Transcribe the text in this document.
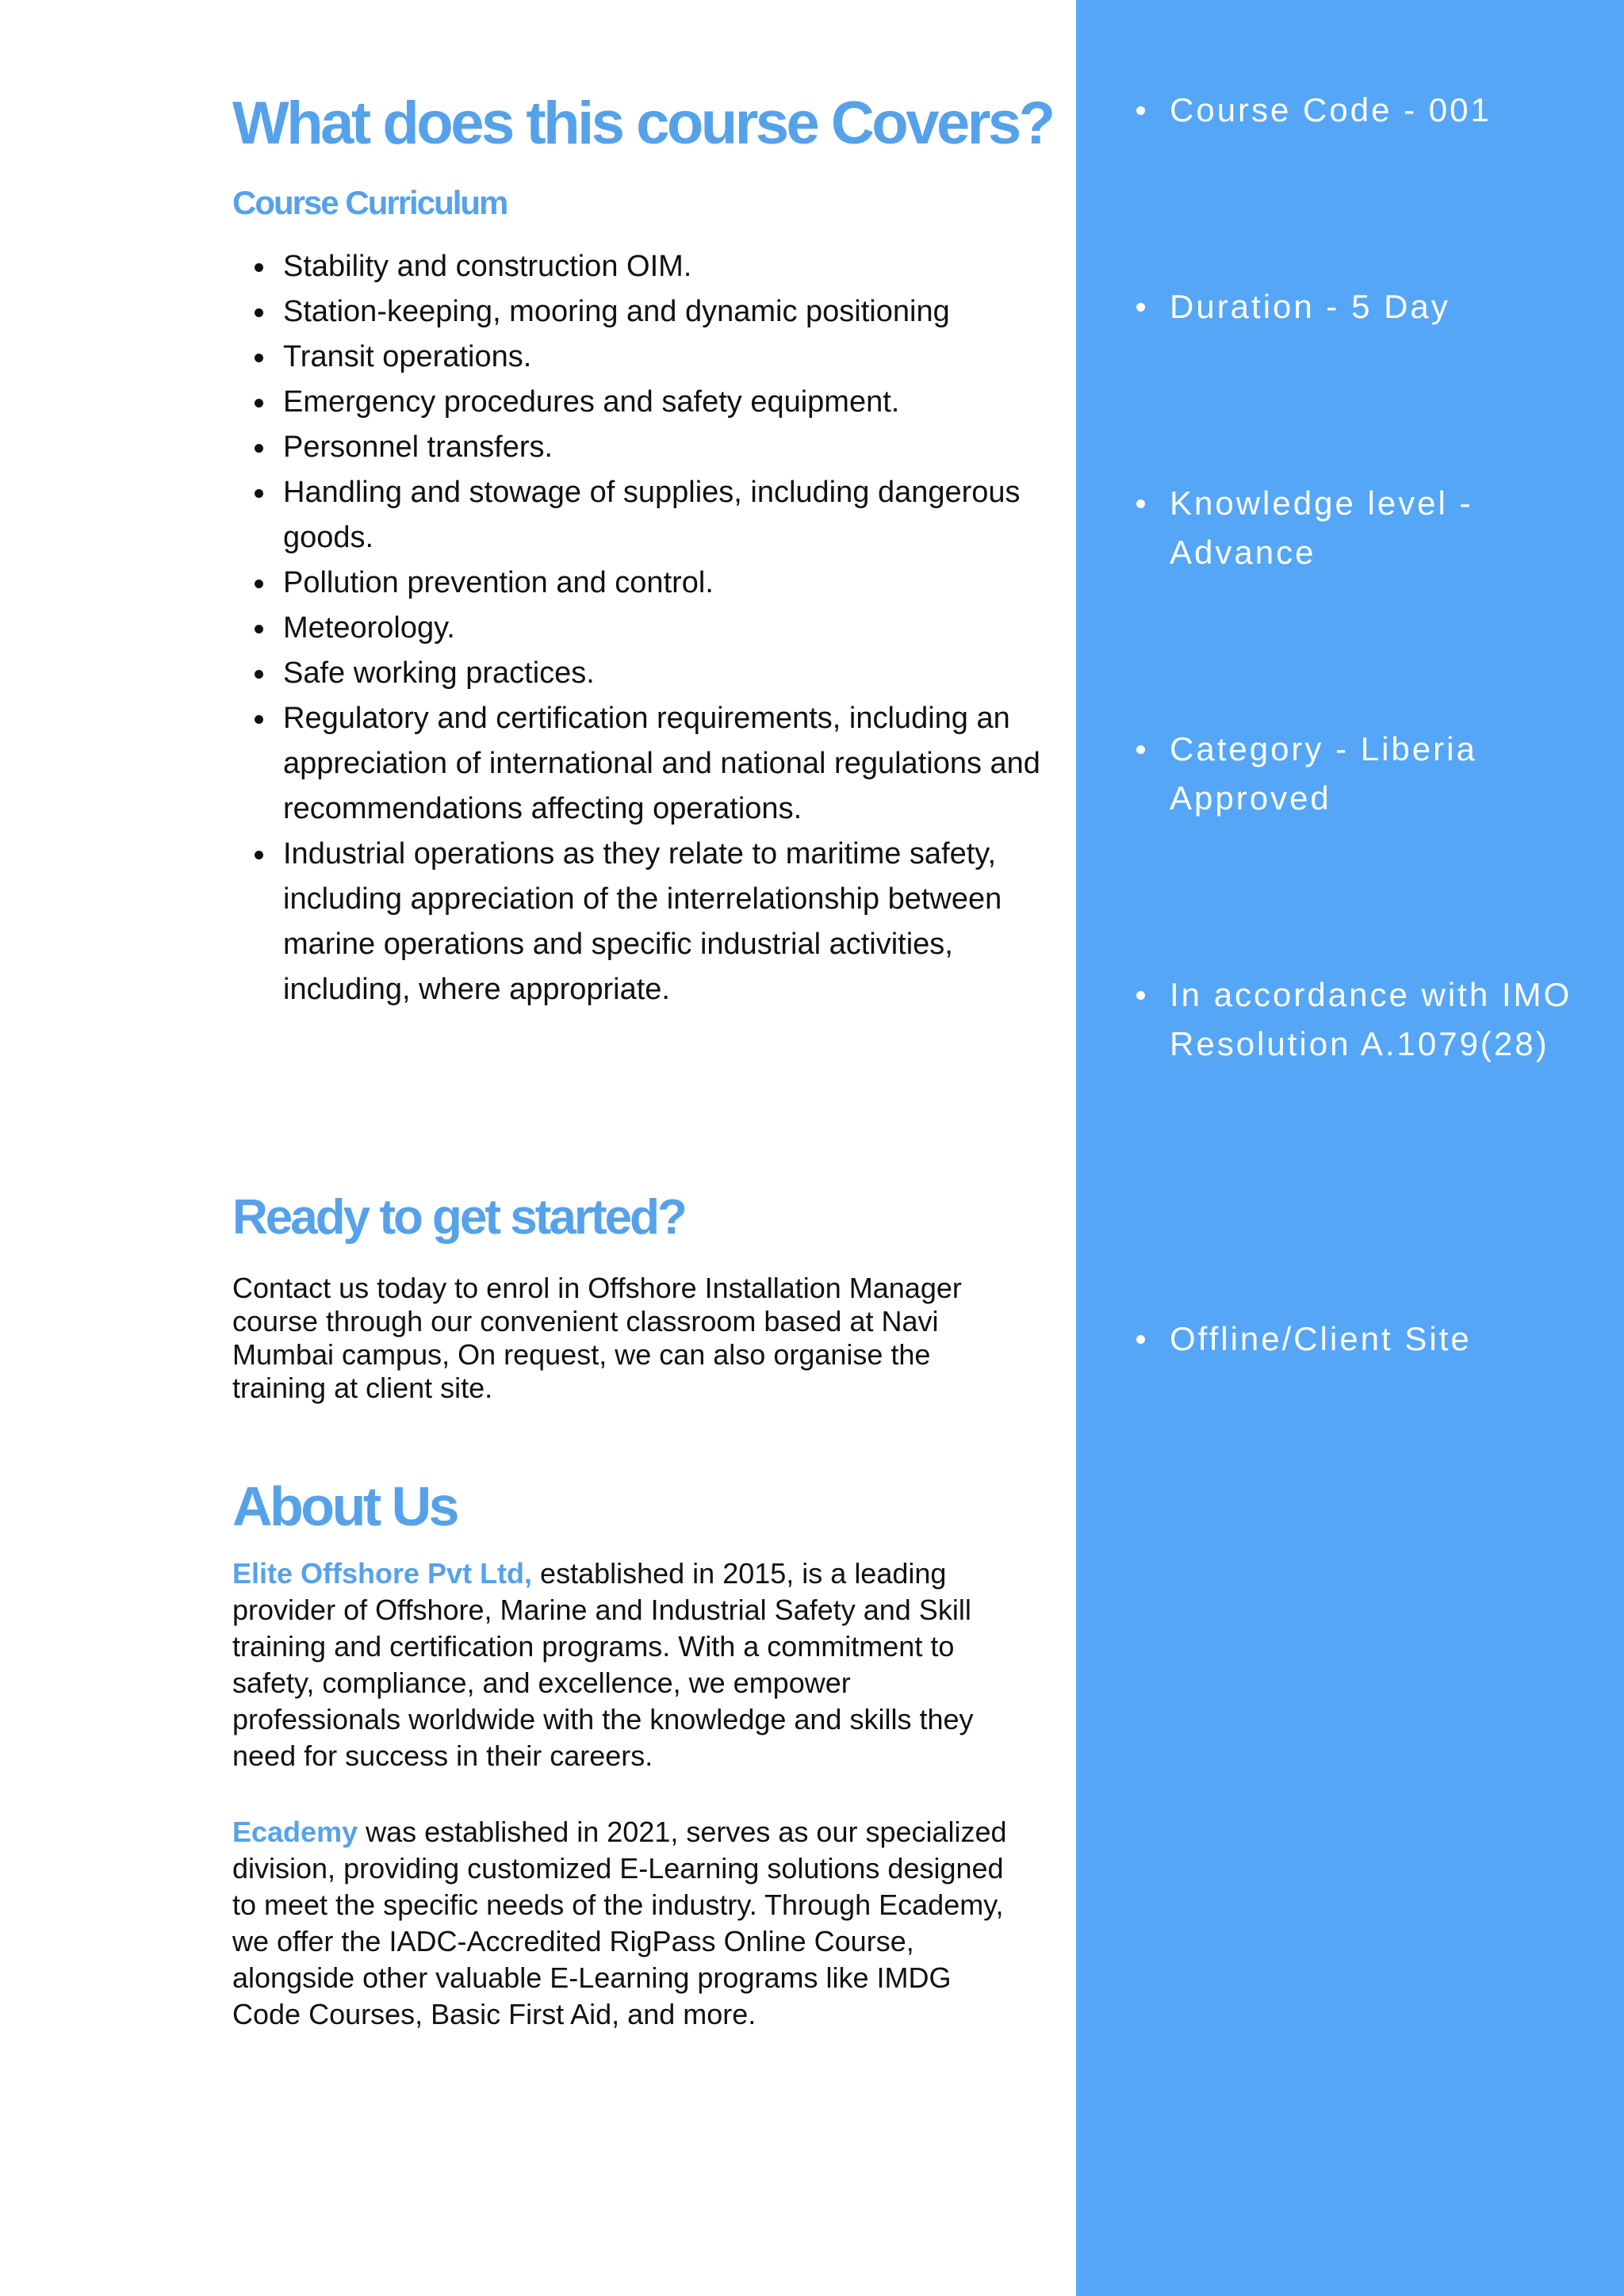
What does this course Covers?
Course Curriculum
Stability and construction OIM.
Station-keeping, mooring and dynamic positioning
Transit operations.
Emergency procedures and safety equipment.
Personnel transfers.
Handling and stowage of supplies, including dangerous goods.
Pollution prevention and control.
Meteorology.
Safe working practices.
Regulatory and certification requirements, including an appreciation of international and national regulations and recommendations affecting operations.
Industrial operations as they relate to maritime safety, including appreciation of the interrelationship between marine operations and specific industrial activities, including, where appropriate.
Ready to get started?

Contact us today to enrol in Offshore Installation Manager course through our convenient classroom based at Navi Mumbai campus, On request, we can also organise the training at client site.

About Us

Elite Offshore Pvt Ltd, established in 2015, is a leading provider of Offshore, Marine and Industrial Safety and Skill training and certification programs. With a commitment to safety, compliance, and excellence, we empower professionals worldwide with the knowledge and skills they need for success in their careers.

Ecademy was established in 2021, serves as our specialized division, providing customized E-Learning solutions designed to meet the specific needs of the industry. Through Ecademy, we offer the IADC-Accredited RigPass Online Course, alongside other valuable E-Learning programs like IMDG Code Courses, Basic First Aid, and more.

Course Code - 001
Duration - 5 Day
Knowledge level - Advance
Category - Liberia Approved
In accordance with IMO Resolution A.1079(28)
Offline/Client Site
